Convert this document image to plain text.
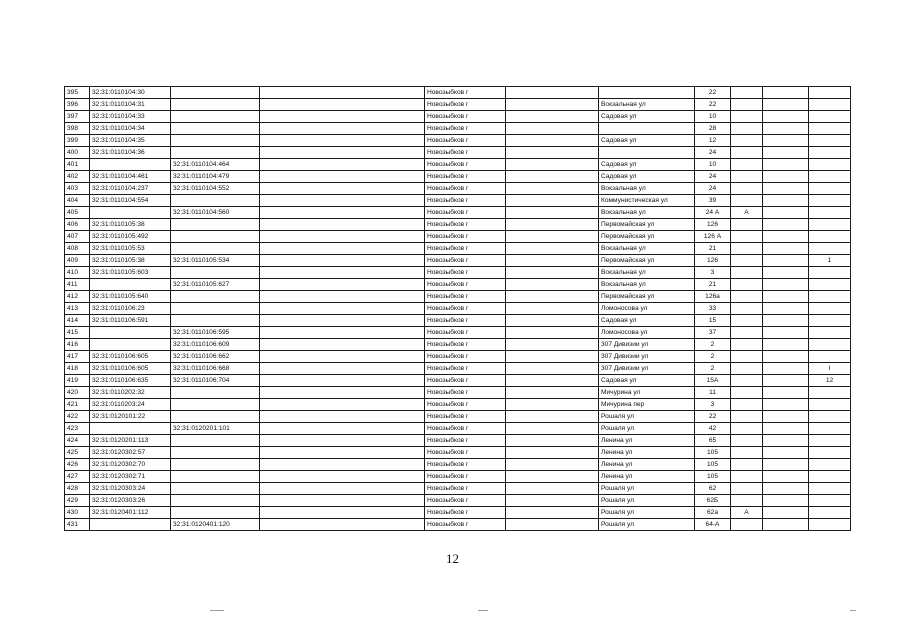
395	32:31:0110104:30			Новозыбков г			22			
396	32:31:0110104:31			Новозыбков г		Вокзальная ул	22			
397	32:31:0110104:33			Новозыбков г		Садовая ул	10			
398	32:31:0110104:34			Новозыбков г			28			
399	32:31:0110104:35			Новозыбков г		Садовая ул	12			
400	32:31:0110104:36			Новозыбков г			24			
401		32:31:0110104:464		Новозыбков г		Садовая ул	10			
402	32:31:0110104:461	32:31:0110104:479		Новозыбков г		Садовая ул	24			
403	32:31:0110104:237	32:31:0110104:552		Новозыбков г		Вокзальная ул	24			
404	32:31:0110104:554			Новозыбков г		Коммунистическая ул	39			
405		32:31:0110104:560		Новозыбков г		Вокзальная ул	24 А	А		
406	32:31:0110105:38			Новозыбков г		Первомайская ул	126			
407	32:31:0110105:492			Новозыбков г		Первомайская ул	126 А			
408	32:31:0110105:53			Новозыбков г		Вокзальная ул	21			
409	32:31:0110105:38	32:31:0110105:534		Новозыбков г		Первомайская ул	126			1
410	32:31:0110105:603			Новозыбков г		Вокзальная ул	3			
411		32:31:0110105:627		Новозыбков г		Вокзальная ул	21			
412	32:31:0110105:640			Новозыбков г		Первомайская ул	126а			
413	32:31:0110106:23			Новозыбков г		Ломоносова ул	33			
414	32:31:0110106:591			Новозыбков г		Садовая ул	15			
415		32:31:0110106:595		Новозыбков г		Ломоносова ул	37			
416		32:31:0110106:609		Новозыбков г		307 Дивизии ул	2			
417	32:31:0110106:605	32:31:0110106:662		Новозыбков г		307 Дивизии ул	2			
418	32:31:0110106:605	32:31:0110106:668		Новозыбков г		307 Дивизии ул	2			I
419	32:31:0110106:635	32:31:0110106:704		Новозыбков г		Садовая ул	15А			12
420	32:31:0110202:32			Новозыбков г		Мичурина ул	11			
421	32:31:0110203:24			Новозыбков г		Мичурина пер	3			
422	32:31:0120101:22			Новозыбков г		Рошаля ул	22			
423		32:31:0120201:101		Новозыбков г		Рошаля ул	42			
424	32:31:0120201:113			Новозыбков г		Ленина ул	65			
425	32:31:0120302:57			Новозыбков г		Ленина ул	105			
426	32:31:0120302:70			Новозыбков г		Ленина ул	105			
427	32:31:0120302:71			Новозыбков г		Ленина ул	105			
428	32:31:0120303:24			Новозыбков г		Рошаля ул	62			
429	32:31:0120303:26			Новозыбков г		Рошаля ул	62Б			
430	32:31:0120401:112			Новозыбков г		Рошаля ул	62а	А		
431		32:31:0120401:120		Новозыбков г		Рошаля ул	64-А			
12
